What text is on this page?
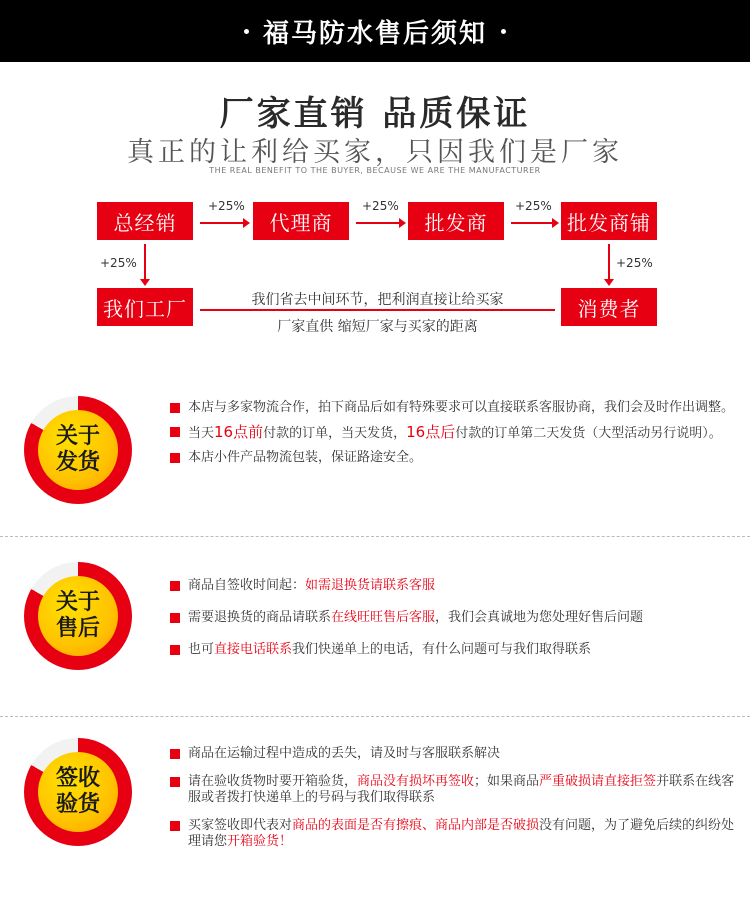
福马防水售后须知
厂家直销 品质保证
真正的让利给买家，只因我们是厂家
THE REAL BENEFIT TO THE BUYER, BECAUSE WE ARE THE MANUFACTURER
总经销	代理商	批发商	批发商铺
我们工厂	消费者
+25%	+25%	+25%
+25%	+25%
我们省去中间环节，把利润直接让给买家
厂家直供 缩短厂家与买家的距离
关于
发货
本店与多家物流合作，拍下商品后如有特殊要求可以直接联系客服协商，我们会及时作出调整。
当天16点前付款的订单，当天发货，16点后付款的订单第二天发货（大型活动另行说明）。
本店小件产品物流包装，保证路途安全。
关于
售后
商品自签收时间起：如需退换货请联系客服
需要退换货的商品请联系在线旺旺售后客服，我们会真诚地为您处理好售后问题
也可直接电话联系我们快递单上的电话，有什么问题可与我们取得联系
签收
验货
商品在运输过程中造成的丢失，请及时与客服联系解决
请在验收货物时要开箱验货，商品没有损坏再签收；如果商品严重破损请直接拒签并联系在线客服或者拨打快递单上的号码与我们取得联系
买家签收即代表对商品的表面是否有擦痕、商品内部是否破损没有问题，为了避免后续的纠纷处理请您开箱验货！
